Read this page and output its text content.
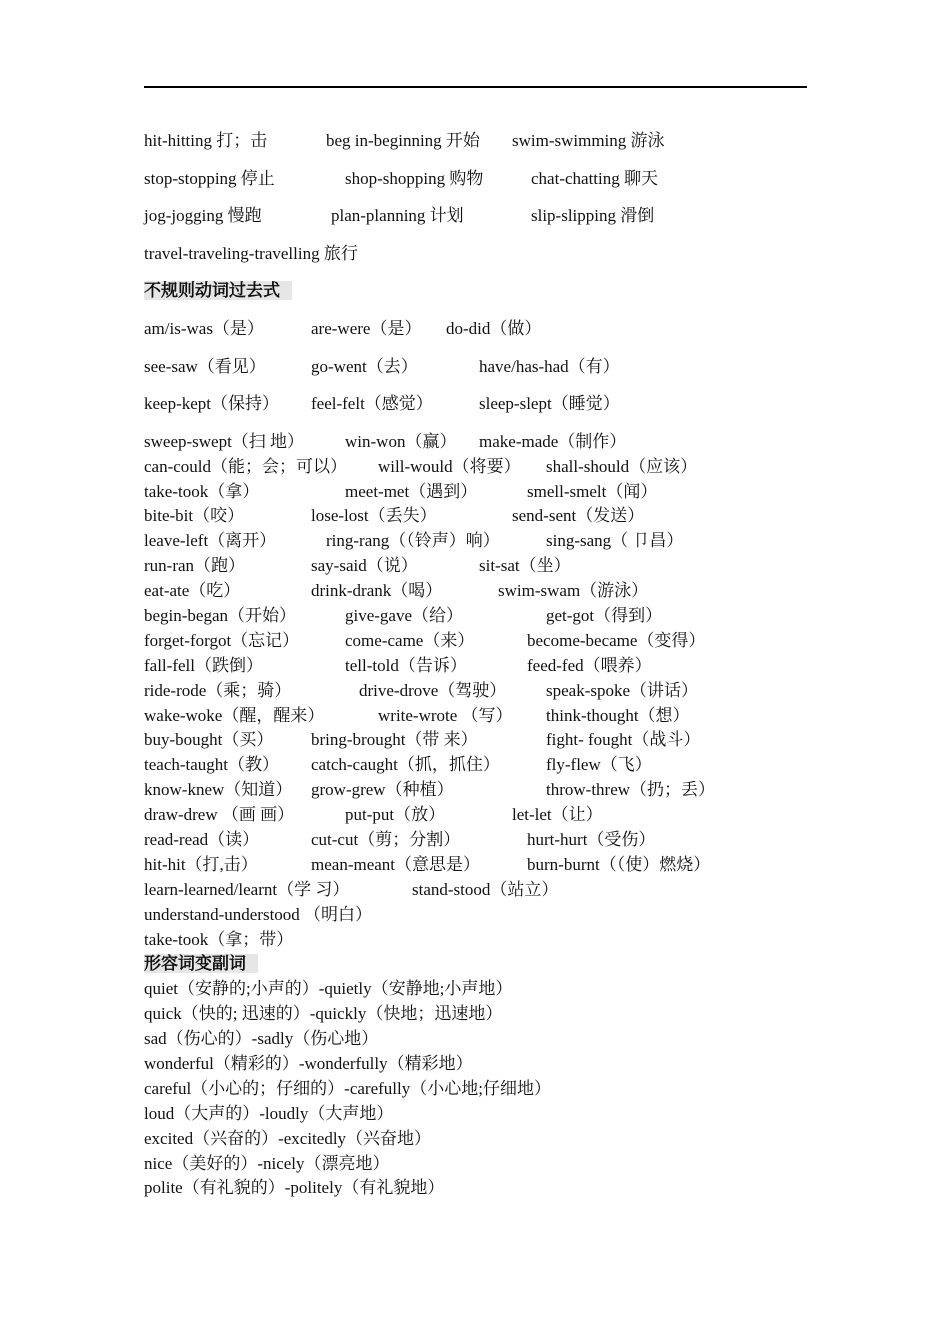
hit-hitting 打；击	beg in-beginning 开始 swim-swimming 游泳
stop-stopping 停止	shop-shopping 购物	chat-chatting 聊天
jog-jogging 慢跑	plan-planning 计划	slip-slipping 滑倒
travel-traveling-travelling 旅行
不规则动词过去式
am/is-was（是）	are-were（是） do-did（做）
see-saw（看见）	go-went（去）	have/has-had（有）
keep-kept（保持） feel-felt（感觉）	sleep-slept（睡觉）
sweep-swept（扫 地） win-won（赢） make-made（制作）
can-could（能；会；可以） will-would（将要） shall-should（应该）
take-took（拿）	meet-met（遇到）	smell-smelt（闻）
bite-bit（咬）	lose-lost（丢失）	send-sent（发送）
leave-left（离开）	ring-rang（（铃声）响）	sing-sang（ 卩昌）
run-ran（跑）	say-said（说）	sit-sat（坐）
eat-ate（吃）	drink-drank（喝）	swim-swam（游泳）
begin-began（开始）	give-gave（给）	get-got（得到）
forget-forgot（忘记）	come-came（来）	become-became（变得）
fall-fell（跌倒）	tell-told（告诉）	feed-fed（喂养）
ride-rode（乘；骑）	drive-drove（驾驶） speak-spoke（讲话）
wake-woke（醒，醒来）	write-wrote （写） think-thought（想）
buy-bought（买） bring-brought（带 来）	fight- fought（战斗）
teach-taught（教） catch-caught（抓，抓住）	fly-flew（飞）
know-knew（知道） grow-grew（种植）	throw-threw（扔；丢）
draw-drew （画 画）	put-put（放）	let-let（让）
read-read（读）	cut-cut（剪；分割）	hurt-hurt（受伤）
hit-hit（打,击）	mean-meant（意思是）	burn-burnt（（使）燃烧）
learn-learned/learnt（学 习）	stand-stood（站立）
understand-understood （明白）
take-took（拿；带）
形容词变副词
quiet（安静的;小声的）-quietly（安静地;小声地）
quick（快的; 迅速的）-quickly（快地；迅速地）
sad（伤心的）-sadly（伤心地）
wonderful（精彩的）-wonderfully（精彩地）
careful（小心的；仔细的）-carefully（小心地;仔细地）
loud（大声的）-loudly（大声地）
excited（兴奋的）-excitedly（兴奋地）
nice（美好的）-nicely（漂亮地）
polite（有礼貌的）-politely（有礼貌地）
